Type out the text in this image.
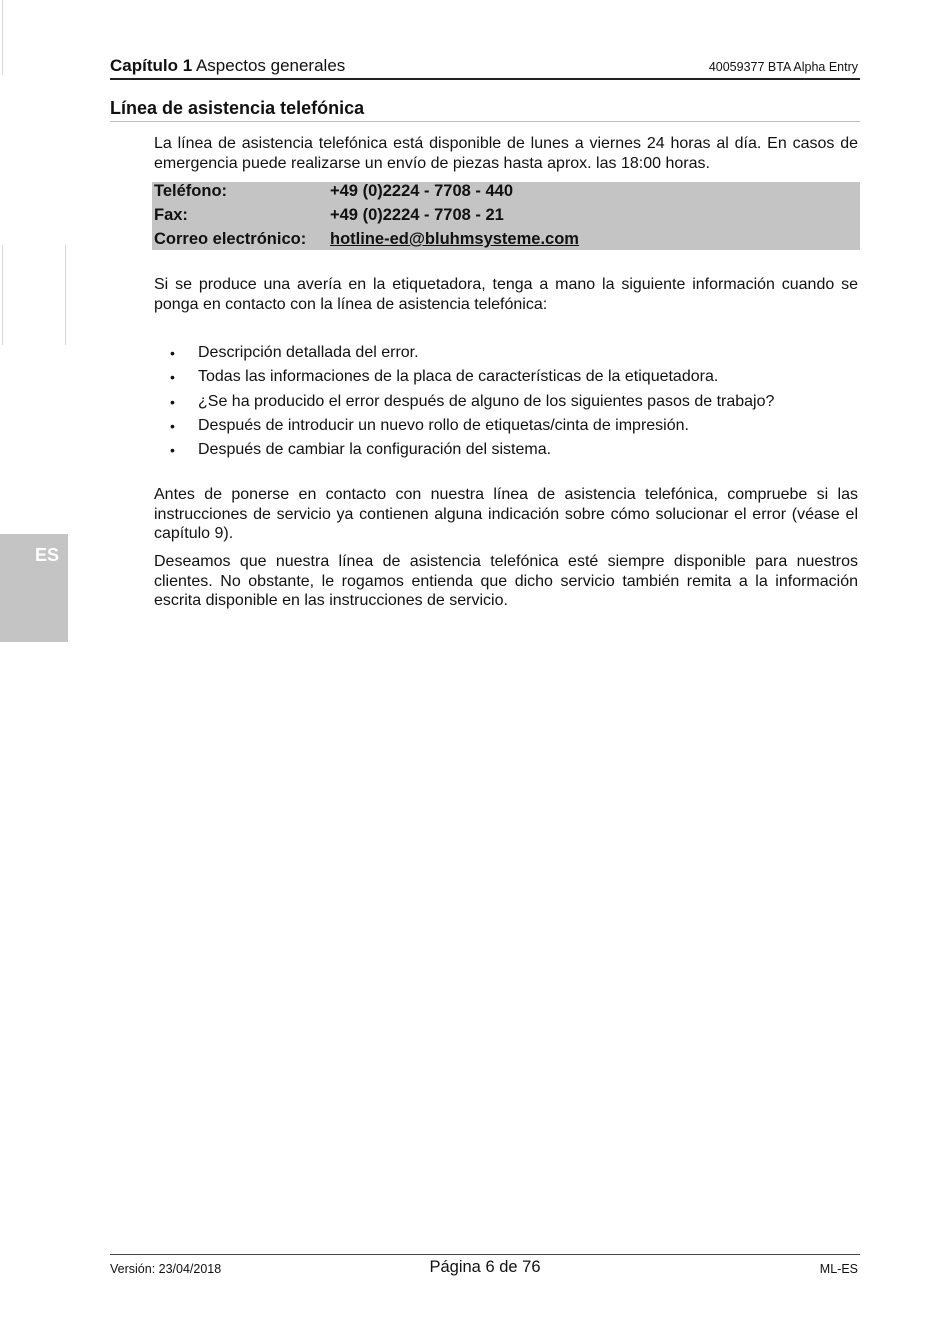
Capítulo 1 Aspectos generales	40059377 BTA Alpha Entry
Línea de asistencia telefónica

La línea de asistencia telefónica está disponible de lunes a viernes 24 horas al día. En casos de emergencia puede realizarse un envío de piezas hasta aprox. las 18:00 horas.

Teléfono:	+49 (0)2224 - 7708 - 440
Fax:	+49 (0)2224 - 7708 - 21
Correo electrónico: hotline-ed@bluhmsysteme.com

Si se produce una avería en la etiquetadora, tenga a mano la siguiente información cuando se ponga en contacto con la línea de asistencia telefónica:

• Descripción detallada del error.
• Todas las informaciones de la placa de características de la etiquetadora.
• ¿Se ha producido el error después de alguno de los siguientes pasos de trabajo?
• Después de introducir un nuevo rollo de etiquetas/cinta de impresión.
• Después de cambiar la configuración del sistema.

Antes de ponerse en contacto con nuestra línea de asistencia telefónica, compruebe si las instrucciones de servicio ya contienen alguna indicación sobre cómo solucionar el error (véase el capítulo 9).

Deseamos que nuestra línea de asistencia telefónica esté siempre disponible para nuestros clientes. No obstante, le rogamos entienda que dicho servicio también remita a la información escrita disponible en las instrucciones de servicio.

ES
Versión: 23/04/2018	Página 6 de 76	ML-ES
